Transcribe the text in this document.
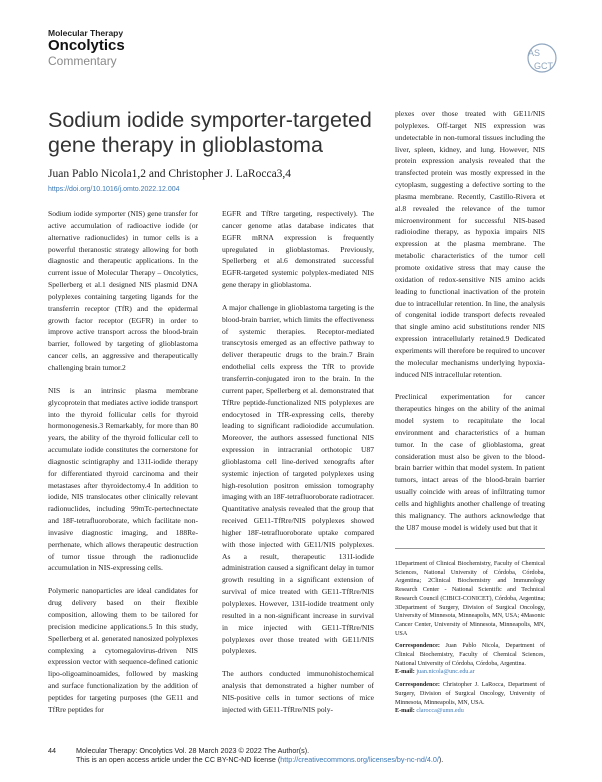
Molecular Therapy
Oncolytics
Commentary
AS
GCT
Sodium iodide symporter-targeted gene therapy in glioblastoma
Juan Pablo Nicola1,2 and Christopher J. LaRocca3,4
https://doi.org/10.1016/j.omto.2022.12.004

Sodium iodide symporter (NIS) gene transfer for active accumulation of radioactive iodide (or alternative radionuclides) in tumor cells is a powerful theranostic strategy allowing for both diagnostic and therapeutic applications. In the current issue of Molecular Therapy – Oncolytics, Spellerberg et al.1 designed NIS plasmid DNA polyplexes containing targeting ligands for the transferrin receptor (TfR) and the epidermal growth factor receptor (EGFR) in order to improve active transport across the blood-brain barrier, followed by targeting of glioblastoma cancer cells, an aggressive and therapeutically challenging brain tumor.2

NIS is an intrinsic plasma membrane glycoprotein that mediates active iodide transport into the thyroid follicular cells for thyroid hormonogenesis.3 Remarkably, for more than 80 years, the ability of the thyroid follicular cell to accumulate iodide constitutes the cornerstone for diagnostic scintigraphy and 131I-iodide therapy for differentiated thyroid carcinoma and their metastases after thyroidectomy.4 In addition to iodide, NIS translocates other clinically relevant radionuclides, including 99mTc-pertechnectate and 18F-tetrafluoroborate, which facilitate non-invasive diagnostic imaging, and 188Re-perrhenate, which allows therapeutic destruction of tumor tissue through the radionuclide accumulation in NIS-expressing cells.

Polymeric nanoparticles are ideal candidates for drug delivery based on their flexible composition, allowing them to be tailored for precision medicine applications.5 In this study, Spellerberg et al. generated nanosized polyplexes complexing a cytomegalovirus-driven NIS expression vector with sequence-defined cationic lipo-oligoaminoamides, followed by masking and surface functionalization by the addition of peptides for targeting purposes (the GE11 and TfRre peptides for

EGFR and TfRre targeting, respectively). The cancer genome atlas database indicates that EGFR mRNA expression is frequently upregulated in glioblastomas. Previously, Spellerberg et al.6 demonstrated successful EGFR-targeted systemic polyplex-mediated NIS gene therapy in glioblastoma.

A major challenge in glioblastoma targeting is the blood-brain barrier, which limits the effectiveness of systemic therapies. Receptor-mediated transcytosis emerged as an effective pathway to deliver therapeutic drugs to the brain.7 Brain endothelial cells express the TfR to provide transferrin-conjugated iron to the brain. In the current paper, Spellerberg et al. demonstrated that TfRre peptide-functionalized NIS polyplexes are endocytosed in TfR-expressing cells, thereby leading to significant radioiodide accumulation. Moreover, the authors assessed functional NIS expression in intracranial orthotopic U87 glioblastoma cell line-derived xenografts after systemic injection of targeted polyplexes using high-resolution positron emission tomography imaging with an 18F-tetrafluoroborate radiotracer. Quantitative analysis revealed that the group that received GE11-TfRre/NIS polyplexes showed higher 18F-tetrafluoroborate uptake compared with those injected with GE11/NIS polyplexes. As a result, therapeutic 131I-iodide administration caused a significant delay in tumor growth resulting in a significant extension of survival of mice treated with GE11-TfRre/NIS polyplexes. However, 131I-iodide treatment only resulted in a non-significant increase in survival in mice injected with GE11-TfRre/NIS polyplexes over those treated with GE11/NIS polyplexes.

The authors conducted immunohistochemical analysis that demonstrated a higher number of NIS-positive cells in tumor sections of mice injected with GE11-TfRre/NIS poly-

plexes over those treated with GE11/NIS polyplexes. Off-target NIS expression was undetectable in non-tumoral tissues including the liver, spleen, kidney, and lung. However, NIS protein expression analysis revealed that the transfected protein was mostly expressed in the cytoplasm, suggesting a defective sorting to the plasma membrane. Recently, Castillo-Rivera et al.8 revealed the relevance of the tumor microenvironment for successful NIS-based radioiodine therapy, as hypoxia impairs NIS expression at the plasma membrane. The metabolic characteristics of the tumor cell promote oxidative stress that may cause the oxidation of redox-sensitive NIS amino acids leading to functional inactivation of the protein due to intracellular retention. In line, the analysis of congenital iodide transport defects revealed that single amino acid substitutions render NIS expression intracellularly retained.9 Dedicated experiments will therefore be required to uncover the molecular mechanisms underlying hypoxia-induced NIS intracellular retention.

Preclinical experimentation for cancer therapeutics hinges on the ability of the animal model system to recapitulate the local environment and characteristics of a human tumor. In the case of glioblastoma, great consideration must also be given to the blood-brain barrier within that model system. In patient tumors, intact areas of the blood-brain barrier usually coincide with areas of infiltrating tumor cells and highlights another challenge of treating this malignancy. The authors acknowledge that the U87 mouse model is widely used but that it

1Department of Clinical Biochemistry, Faculty of Chemical Sciences, National University of Córdoba, Córdoba, Argentina; 2Clinical Biochemistry and Immunology Research Center - National Scientific and Technical Research Council (CIBICI-CONICET), Córdoba, Argentina; 3Department of Surgery, Division of Surgical Oncology, University of Minnesota, Minneapolis, MN, USA; 4Masonic Cancer Center, University of Minnesota, Minneapolis, MN, USA

Correspondence: Juan Pablo Nicola, Department of Clinical Biochemistry, Faculty of Chemical Sciences, National University of Córdoba, Córdoba, Argentina.
E-mail: juan.nicola@unc.edu.ar

Correspondence: Christopher J. LaRocca, Department of Surgery, Division of Surgical Oncology, University of Minnesota, Minneapolis, MN, USA.
E-mail: clarocca@umn.edu

44	Molecular Therapy: Oncolytics Vol. 28 March 2023 © 2022 The Author(s).
This is an open access article under the CC BY-NC-ND license (http://creativecommons.org/licenses/by-nc-nd/4.0/).
